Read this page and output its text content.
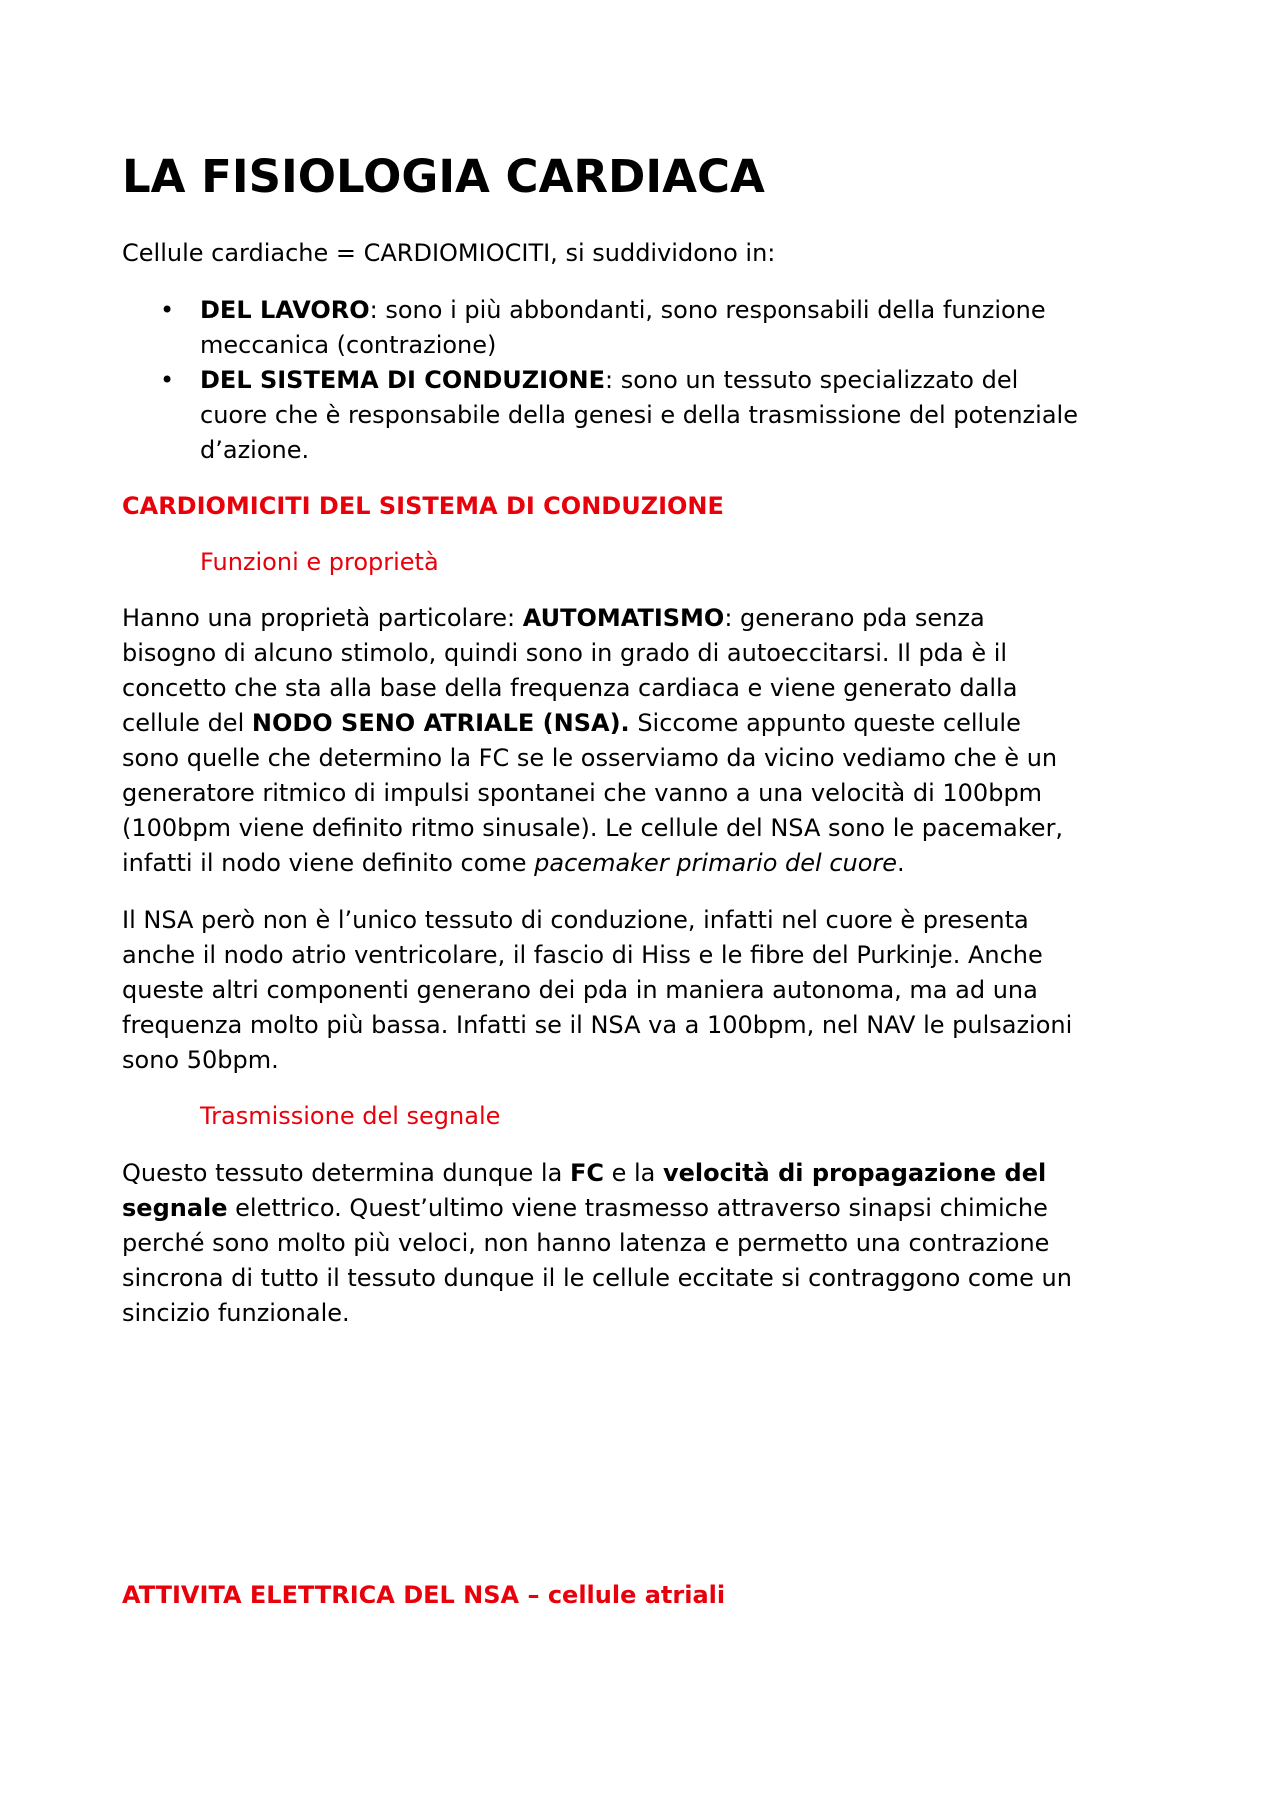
LA FISIOLOGIA CARDIACA

Cellule cardiache = CARDIOMIOCITI, si suddividono in:

• DEL LAVORO: sono i più abbondanti, sono responsabili della funzione
meccanica (contrazione)
• DEL SISTEMA DI CONDUZIONE: sono un tessuto specializzato del
cuore che è responsabile della genesi e della trasmissione del potenziale
d’azione.
CARDIOMICITI DEL SISTEMA DI CONDUZIONE
Funzioni e proprietà

Hanno una proprietà particolare: AUTOMATISMO: generano pda senza
bisogno di alcuno stimolo, quindi sono in grado di autoeccitarsi. Il pda è il
concetto che sta alla base della frequenza cardiaca e viene generato dalla
cellule del NODO SENO ATRIALE (NSA). Siccome appunto queste cellule
sono quelle che determino la FC se le osserviamo da vicino vediamo che è un
generatore ritmico di impulsi spontanei che vanno a una velocità di 100bpm
(100bpm viene definito ritmo sinusale). Le cellule del NSA sono le pacemaker,
infatti il nodo viene definito come pacemaker primario del cuore.

Il NSA però non è l’unico tessuto di conduzione, infatti nel cuore è presenta
anche il nodo atrio ventricolare, il fascio di Hiss e le fibre del Purkinje. Anche
queste altri componenti generano dei pda in maniera autonoma, ma ad una
frequenza molto più bassa. Infatti se il NSA va a 100bpm, nel NAV le pulsazioni
sono 50bpm.

Trasmissione del segnale

Questo tessuto determina dunque la FC e la velocità di propagazione del
segnale elettrico. Quest’ultimo viene trasmesso attraverso sinapsi chimiche
perché sono molto più veloci, non hanno latenza e permetto una contrazione
sincrona di tutto il tessuto dunque il le cellule eccitate si contraggono come un
sincizio funzionale.

ATTIVITA ELETTRICA DEL NSA – cellule atriali
